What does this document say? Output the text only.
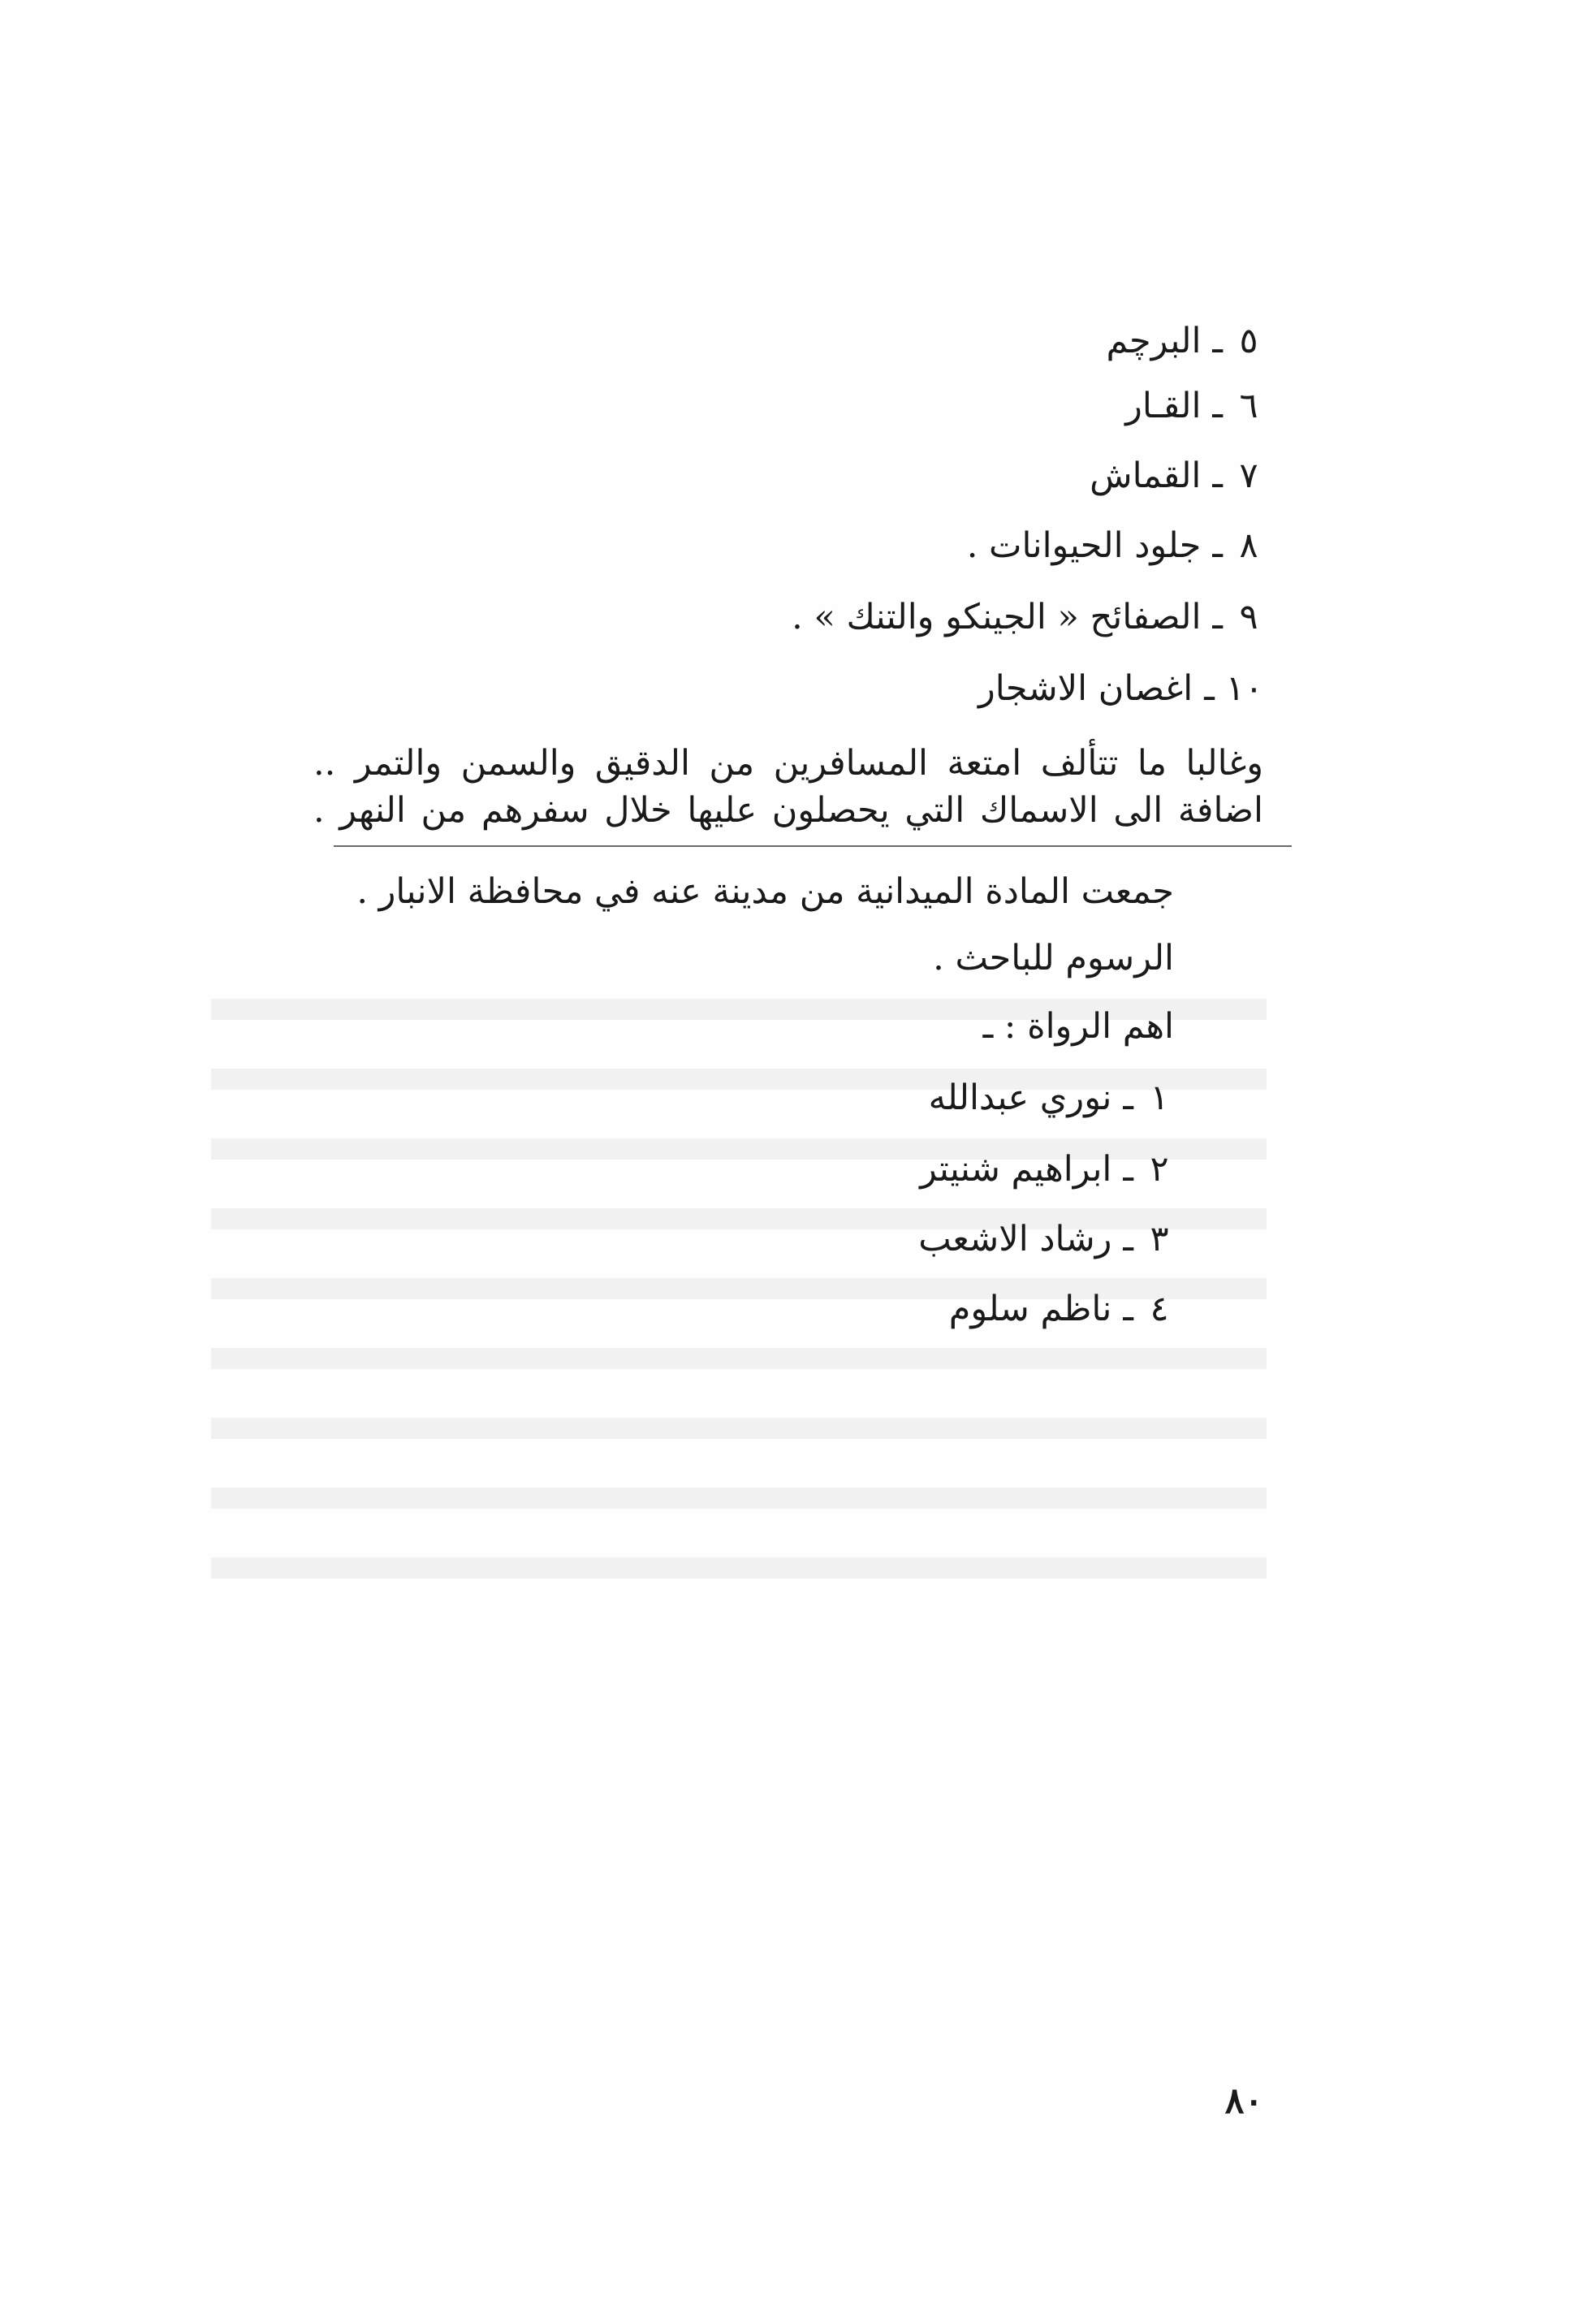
٥ـالبرچم
٦ـالقـار
٧ـالقماش
٨ـجلود الحيوانات .
٩ـالصفائح « الجينكو والتنك » .
١٠ـاغصان الاشجار
وغالبا ما تتألف امتعة المسافرين من الدقيق والسمن والتمر ..
اضافة الى الاسماك التي يحصلون عليها خلال سفرهم من النهر .
جمعت المادة الميدانية من مدينة عنه في محافظة الانبار .
الرسوم للباحث .
اهم الرواة : ـ
١ـنوري عبدالله
٢ـابراهيم شنيتر
٣ـرشاد الاشعب
٤ـناظم سلوم
٨٠
